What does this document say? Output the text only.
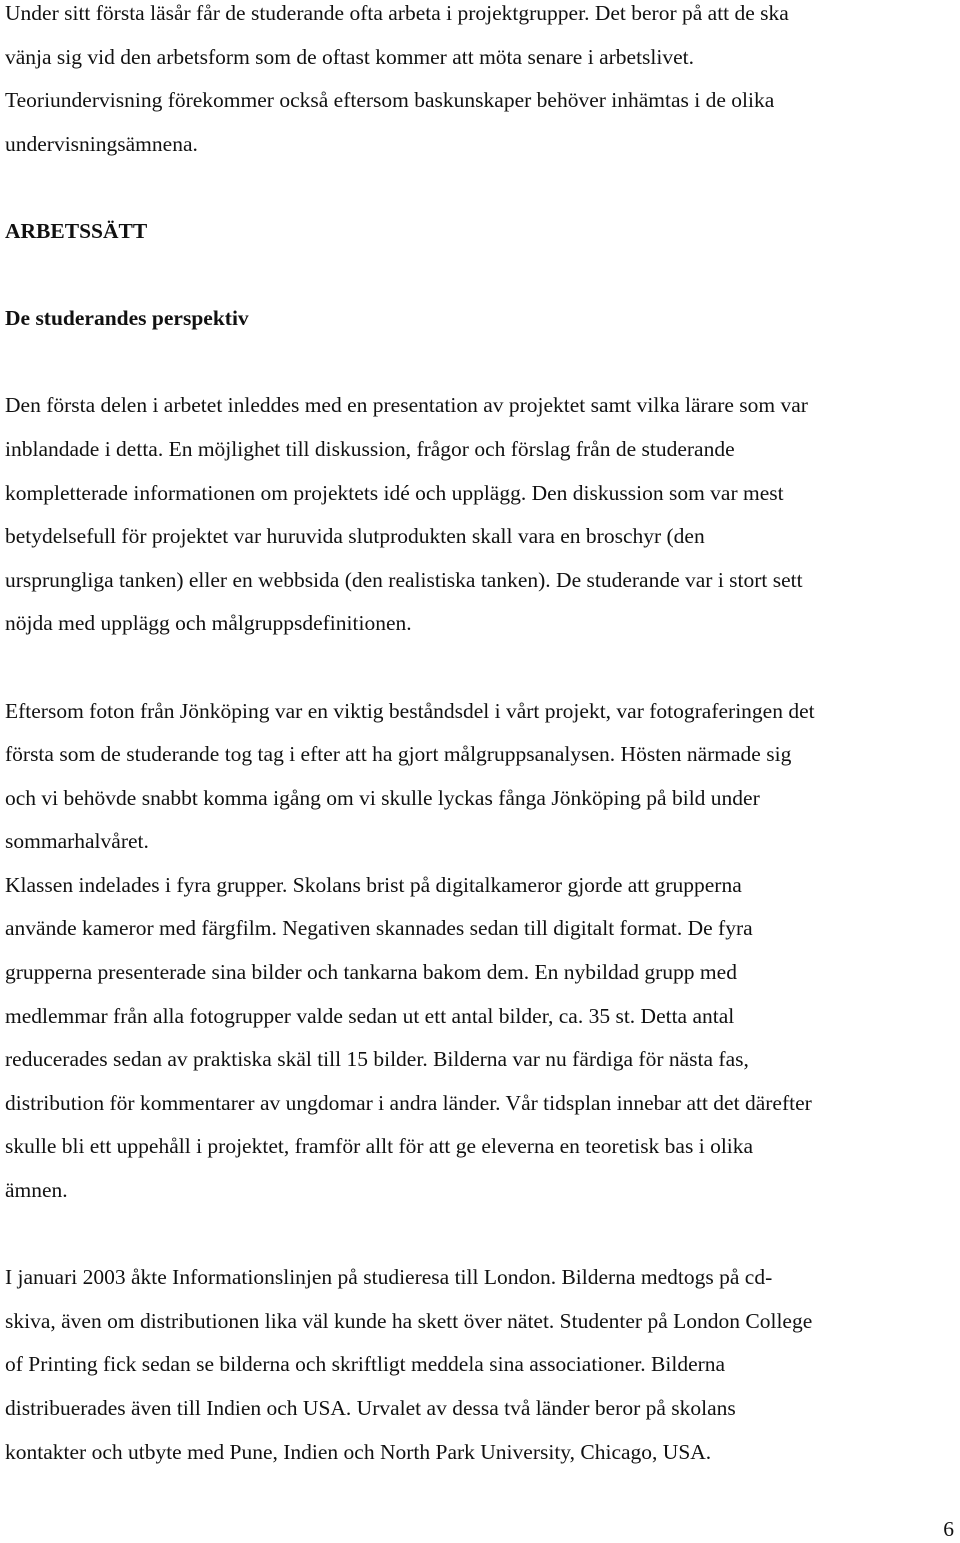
Under sitt första läsår får de studerande ofta arbeta i projektgrupper. Det beror på att de ska
vänja sig vid den arbetsform som de oftast kommer att möta senare i arbetslivet.
Teoriundervisning förekommer också eftersom baskunskaper behöver inhämtas i de olika
undervisningsämnena.

ARBETSSÄTT
De studerandes perspektiv

Den första delen i arbetet inleddes med en presentation av projektet samt vilka lärare som var
inblandade i detta. En möjlighet till diskussion, frågor och förslag från de studerande
kompletterade informationen om projektets idé och upplägg. Den diskussion som var mest
betydelsefull för projektet var huruvida slutprodukten skall vara en broschyr (den
ursprungliga tanken) eller en webbsida (den realistiska tanken). De studerande var i stort sett
nöjda med upplägg och målgruppsdefinitionen.

Eftersom foton från Jönköping var en viktig beståndsdel i vårt projekt, var fotograferingen det
första som de studerande tog tag i efter att ha gjort målgruppsanalysen. Hösten närmade sig
och vi behövde snabbt komma igång om vi skulle lyckas fånga Jönköping på bild under
sommarhalvåret.

Klassen indelades i fyra grupper. Skolans brist på digitalkameror gjorde att grupperna
använde kameror med färgfilm. Negativen skannades sedan till digitalt format. De fyra
grupperna presenterade sina bilder och tankarna bakom dem. En nybildad grupp med
medlemmar från alla fotogrupper valde sedan ut ett antal bilder, ca. 35 st. Detta antal
reducerades sedan av praktiska skäl till 15 bilder. Bilderna var nu färdiga för nästa fas,
distribution för kommentarer av ungdomar i andra länder. Vår tidsplan innebar att det därefter
skulle bli ett uppehåll i projektet, framför allt för att ge eleverna en teoretisk bas i olika
ämnen.

I januari 2003 åkte Informationslinjen på studieresa till London. Bilderna medtogs på cd-
skiva, även om distributionen lika väl kunde ha skett över nätet. Studenter på London College
of Printing fick sedan se bilderna och skriftligt meddela sina associationer. Bilderna
distribuerades även till Indien och USA. Urvalet av dessa två länder beror på skolans
kontakter och utbyte med Pune, Indien och North Park University, Chicago, USA.

6
